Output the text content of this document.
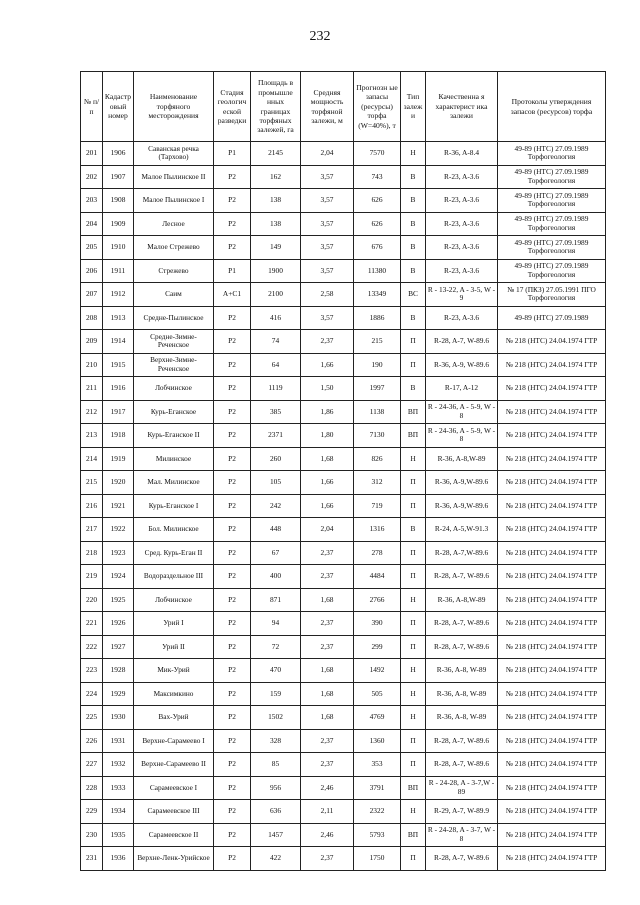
232
№ п/п	Кадастр овый номер	Наименование торфяного месторождения	Стадия геологич еской разведки	Площадь в промышле нных границах торфяных залежей, га	Средняя мощность торфяной залежи, м	Прогнозн ые запасы (ресурсы) торфа (W=40%), т	Тип залеж и	Качественна я характерист ика залежи	Протоколы утверждения запасов (ресурсов) торфа
201	1906	Саванская речка (Тархово)	P1	2145	2,04	7570	Н	R-36, A-8.4	49-89 (НТС) 27.09.1989 Торфогеология
202	1907	Малое Пылинское II	P2	162	3,57	743	В	R-23, A-3.6	49-89 (НТС) 27.09.1989 Торфогеология
203	1908	Малое Пылинское I	P2	138	3,57	626	В	R-23, A-3.6	49-89 (НТС) 27.09.1989 Торфогеология
204	1909	Лесное	P2	138	3,57	626	В	R-23, A-3.6	49-89 (НТС) 27.09.1989 Торфогеология
205	1910	Малое Стрежево	P2	149	3,57	676	В	R-23, A-3.6	49-89 (НТС) 27.09.1989 Торфогеология
206	1911	Стрежево	P1	1900	3,57	11380	В	R-23, A-3.6	49-89 (НТС) 27.09.1989 Торфогеология
207	1912	Саим	A+C1	2100	2,58	13349	ВС	R - 13-22, A - 3-5, W - 9	№ 17 (ПКЗ) 27.05.1991 ПГО Торфогеология
208	1913	Средне-Пылинское	P2	416	3,57	1886	В	R-23, A-3.6	49-89 (НТС) 27.09.1989
209	1914	Средне-Зимне-Реченское	P2	74	2,37	215	П	R-28, A-7, W-89.6	№ 218 (НТС) 24.04.1974 ГТР
210	1915	Верхне-Зимне-Реченское	P2	64	1,66	190	П	R-36, A-9, W-89.6	№ 218 (НТС) 24.04.1974 ГТР
211	1916	Лобчинское	P2	1119	1,50	1997	В	R-17, A-12	№ 218 (НТС) 24.04.1974 ГТР
212	1917	Курь-Еганское	P2	385	1,86	1138	ВП	R - 24-36, A - 5-9, W - 8	№ 218 (НТС) 24.04.1974 ГТР
213	1918	Курь-Еганское II	P2	2371	1,80	7130	ВП	R - 24-36, A - 5-9, W - 8	№ 218 (НТС) 24.04.1974 ГТР
214	1919	Милинское	P2	260	1,68	826	Н	R-36, A-8,W-89	№ 218 (НТС) 24.04.1974 ГТР
215	1920	Мал. Милинское	P2	105	1,66	312	П	R-36, A-9,W-89.6	№ 218 (НТС) 24.04.1974 ГТР
216	1921	Курь-Еганское I	P2	242	1,66	719	П	R-36, A-9,W-89.6	№ 218 (НТС) 24.04.1974 ГТР
217	1922	Бол. Милинское	P2	448	2,04	1316	В	R-24, A-5,W-91.3	№ 218 (НТС) 24.04.1974 ГТР
218	1923	Сред. Курь-Еган II	P2	67	2,37	278	П	R-28, A-7,W-89.6	№ 218 (НТС) 24.04.1974 ГТР
219	1924	Водораздельное III	P2	400	2,37	4484	П	R-28, A-7, W-89.6	№ 218 (НТС) 24.04.1974 ГТР
220	1925	Лобчинское	P2	871	1,68	2766	Н	R-36, A-8,W-89	№ 218 (НТС) 24.04.1974 ГТР
221	1926	Урий I	P2	94	2,37	390	П	R-28, A-7, W-89.6	№ 218 (НТС) 24.04.1974 ГТР
222	1927	Урий II	P2	72	2,37	299	П	R-28, A-7, W-89.6	№ 218 (НТС) 24.04.1974 ГТР
223	1928	Мик-Урий	P2	470	1,68	1492	Н	R-36, A-8, W-89	№ 218 (НТС) 24.04.1974 ГТР
224	1929	Максимкино	P2	159	1,68	505	Н	R-36, A-8, W-89	№ 218 (НТС) 24.04.1974 ГТР
225	1930	Вах-Урий	P2	1502	1,68	4769	Н	R-36, A-8, W-89	№ 218 (НТС) 24.04.1974 ГТР
226	1931	Верхне-Сарамеево I	P2	328	2,37	1360	П	R-28, A-7, W-89.6	№ 218 (НТС) 24.04.1974 ГТР
227	1932	Верхне-Сарамеево II	P2	85	2,37	353	П	R-28, A-7, W-89.6	№ 218 (НТС) 24.04.1974 ГТР
228	1933	Сарамеевское I	P2	956	2,46	3791	ВП	R - 24-28, A - 3-7,W - 89	№ 218 (НТС) 24.04.1974 ГТР
229	1934	Сарамеевское III	P2	636	2,11	2322	Н	R-29, A-7, W-89.9	№ 218 (НТС) 24.04.1974 ГТР
230	1935	Сарамеевское II	P2	1457	2,46	5793	ВП	R - 24-28, A - 3-7, W - 8	№ 218 (НТС) 24.04.1974 ГТР
231	1936	Верхне-Ленк-Урийское	P2	422	2,37	1750	П	R-28, A-7, W-89.6	№ 218 (НТС) 24.04.1974 ГТР
